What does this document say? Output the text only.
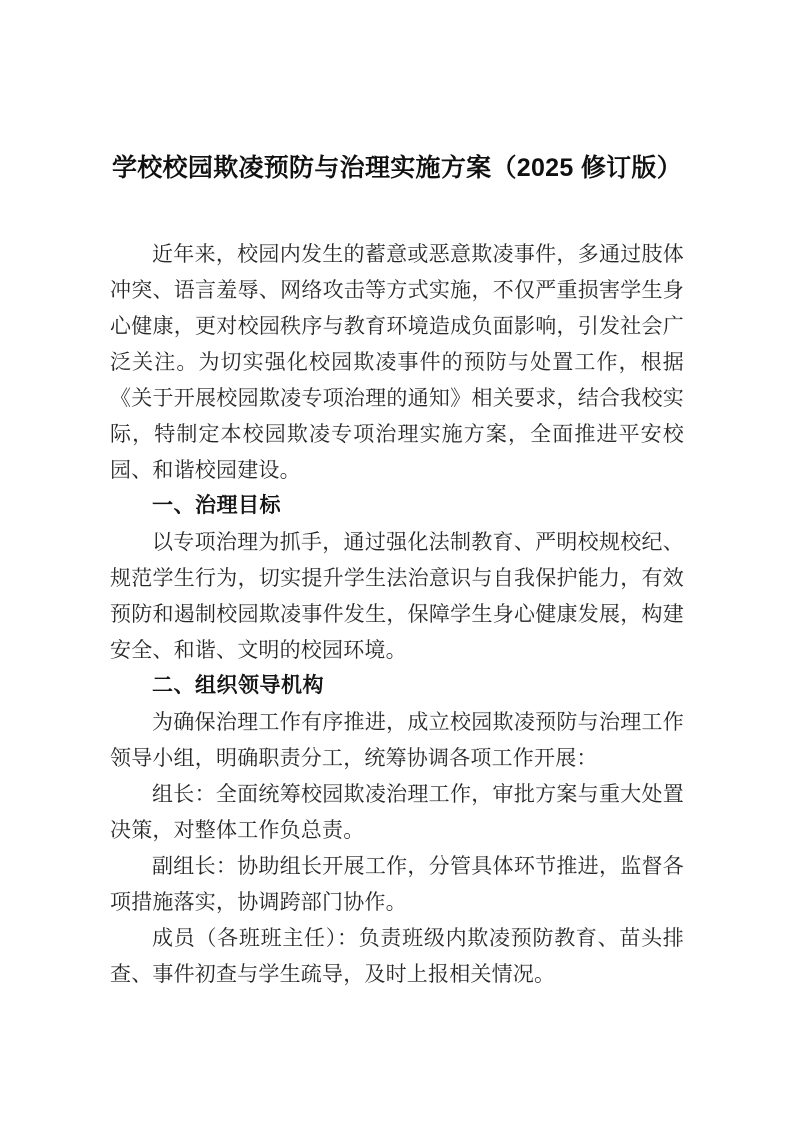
学校校园欺凌预防与治理实施方案（2025 修订版）

近年来，校园内发生的蓄意或恶意欺凌事件，多通过肢体冲突、语言羞辱、网络攻击等方式实施，不仅严重损害学生身心健康，更对校园秩序与教育环境造成负面影响，引发社会广泛关注。为切实强化校园欺凌事件的预防与处置工作，根据《关于开展校园欺凌专项治理的通知》相关要求，结合我校实际，特制定本校园欺凌专项治理实施方案，全面推进平安校园、和谐校园建设。

一、治理目标

以专项治理为抓手，通过强化法制教育、严明校规校纪、规范学生行为，切实提升学生法治意识与自我保护能力，有效预防和遏制校园欺凌事件发生，保障学生身心健康发展，构建安全、和谐、文明的校园环境。

二、组织领导机构

为确保治理工作有序推进，成立校园欺凌预防与治理工作领导小组，明确职责分工，统筹协调各项工作开展：

组长：全面统筹校园欺凌治理工作，审批方案与重大处置决策，对整体工作负总责。

副组长：协助组长开展工作，分管具体环节推进，监督各项措施落实，协调跨部门协作。

成员（各班班主任）：负责班级内欺凌预防教育、苗头排查、事件初查与学生疏导，及时上报相关情况。
